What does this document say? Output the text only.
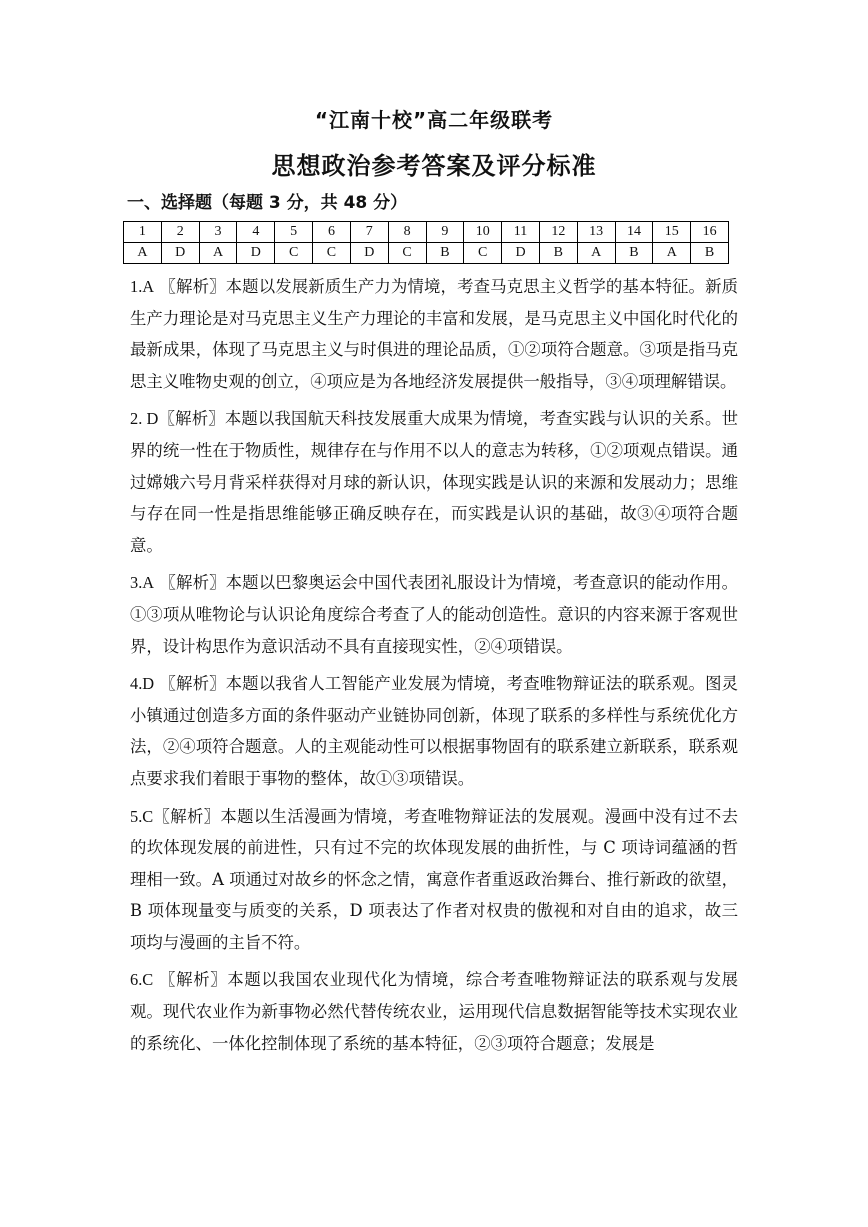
“江南十校”高二年级联考
思想政治参考答案及评分标准
一、选择题（每题 3 分，共 48 分）
1	2	3	4	5	6	7	8	9	10	11	12	13	14	15	16
A	D	A	D	C	C	D	C	B	C	D	B	A	B	A	B

1.A 〖解析〗本题以发展新质生产力为情境，考查马克思主义哲学的基本特征。新质生产力理论是对马克思主义生产力理论的丰富和发展，是马克思主义中国化时代化的最新成果，体现了马克思主义与时俱进的理论品质，①②项符合题意。③项是指马克思主义唯物史观的创立，④项应是为各地经济发展提供一般指导，③④项理解错误。

2. D〖解析〗本题以我国航天科技发展重大成果为情境，考查实践与认识的关系。世界的统一性在于物质性，规律存在与作用不以人的意志为转移，①②项观点错误。通过嫦娥六号月背采样获得对月球的新认识，体现实践是认识的来源和发展动力；思维与存在同一性是指思维能够正确反映存在，而实践是认识的基础，故③④项符合题意。

3.A 〖解析〗本题以巴黎奥运会中国代表团礼服设计为情境，考查意识的能动作用。①③项从唯物论与认识论角度综合考查了人的能动创造性。意识的内容来源于客观世界，设计构思作为意识活动不具有直接现实性，②④项错误。

4.D 〖解析〗本题以我省人工智能产业发展为情境，考查唯物辩证法的联系观。图灵小镇通过创造多方面的条件驱动产业链协同创新，体现了联系的多样性与系统优化方法，②④项符合题意。人的主观能动性可以根据事物固有的联系建立新联系，联系观点要求我们着眼于事物的整体，故①③项错误。

5.C〖解析〗本题以生活漫画为情境，考查唯物辩证法的发展观。漫画中没有过不去的坎体现发展的前进性，只有过不完的坎体现发展的曲折性，与 C 项诗词蕴涵的哲理相一致。A 项通过对故乡的怀念之情，寓意作者重返政治舞台、推行新政的欲望，B 项体现量变与质变的关系，D 项表达了作者对权贵的傲视和对自由的追求，故三项均与漫画的主旨不符。

6.C 〖解析〗本题以我国农业现代化为情境，综合考查唯物辩证法的联系观与发展观。现代农业作为新事物必然代替传统农业，运用现代信息数据智能等技术实现农业的系统化、一体化控制体现了系统的基本特征，②③项符合题意；发展是
